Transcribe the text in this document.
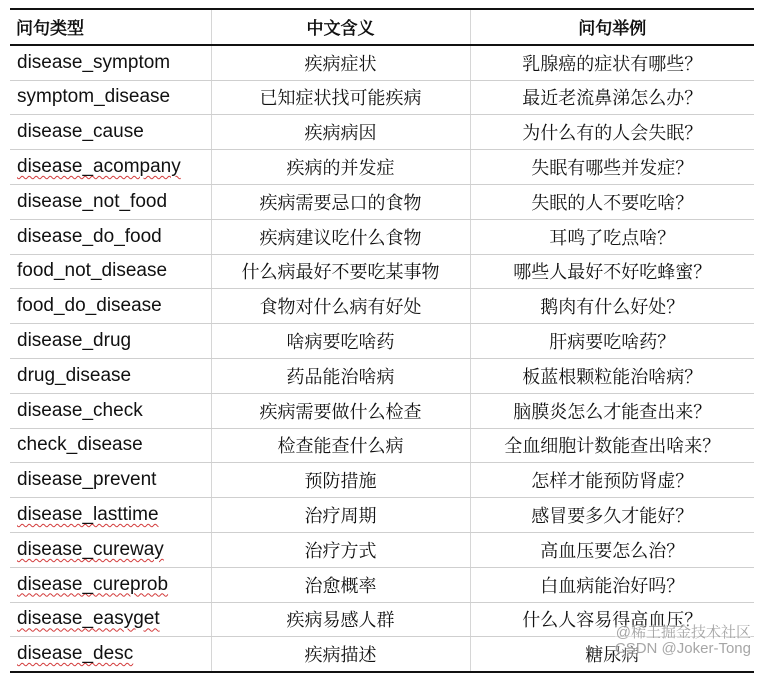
问句类型	中文含义	问句举例
disease_symptom	疾病症状	乳腺癌的症状有哪些？
symptom_disease	已知症状找可能疾病	最近老流鼻涕怎么办？
disease_cause	疾病病因	为什么有的人会失眠？
disease_acompany	疾病的并发症	失眠有哪些并发症？
disease_not_food	疾病需要忌口的食物	失眠的人不要吃啥？
disease_do_food	疾病建议吃什么食物	耳鸣了吃点啥？
food_not_disease	什么病最好不要吃某事物	哪些人最好不好吃蜂蜜？
food_do_disease	食物对什么病有好处	鹅肉有什么好处？
disease_drug	啥病要吃啥药	肝病要吃啥药？
drug_disease	药品能治啥病	板蓝根颗粒能治啥病？
disease_check	疾病需要做什么检查	脑膜炎怎么才能查出来？
check_disease	检查能查什么病	全血细胞计数能查出啥来？
disease_prevent	预防措施	怎样才能预防肾虚？
disease_lasttime	治疗周期	感冒要多久才能好？
disease_cureway	治疗方式	高血压要怎么治？
disease_cureprob	治愈概率	白血病能治好吗？
disease_easyget	疾病易感人群	什么人容易得高血压？
disease_desc	疾病描述	糖尿病
@稀土掘金技术社区
CSDN @Joker-Tong
